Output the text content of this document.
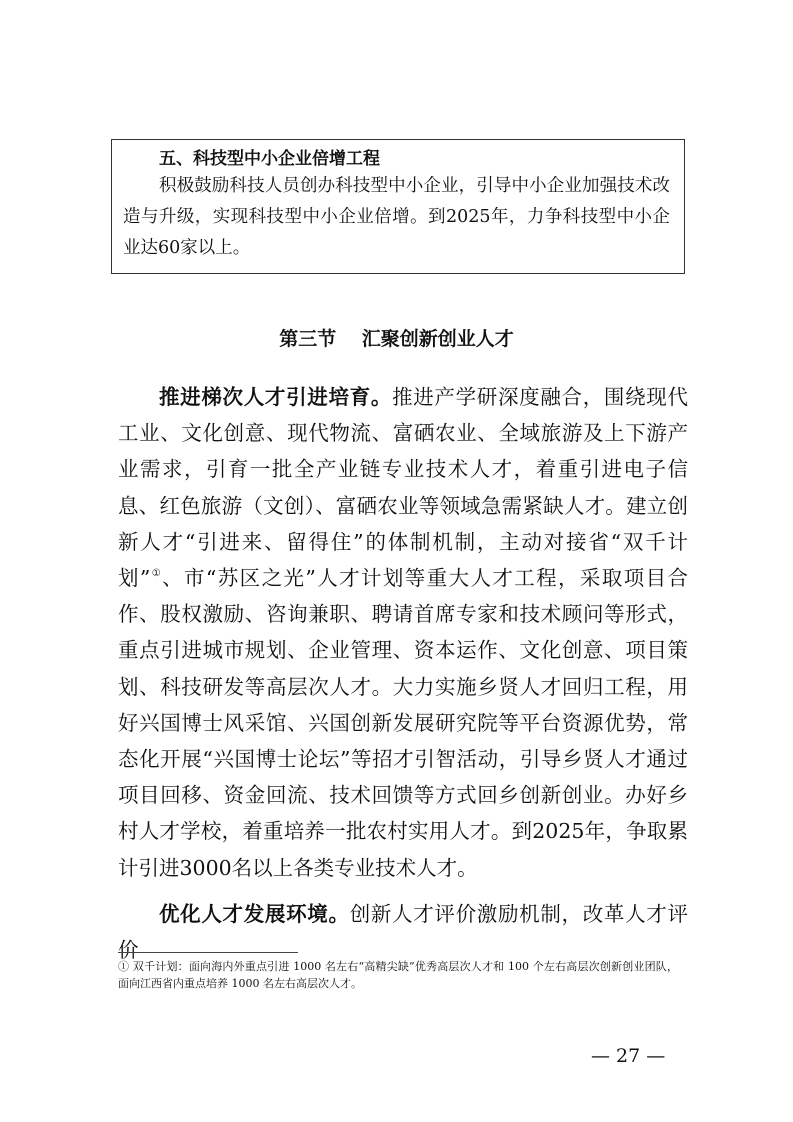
五、科技型中小企业倍增工程

积极鼓励科技人员创办科技型中小企业，引导中小企业加强技术改造与升级，实现科技型中小企业倍增。到2025年，力争科技型中小企业达60家以上。

第三节　 汇聚创新创业人才

推进梯次人才引进培育。推进产学研深度融合，围绕现代工业、文化创意、现代物流、富硒农业、全域旅游及上下游产业需求，引育一批全产业链专业技术人才，着重引进电子信息、红色旅游（文创）、富硒农业等领域急需紧缺人才。建立创新人才“引进来、留得住”的体制机制，主动对接省“双千计划”①、市“苏区之光”人才计划等重大人才工程，采取项目合作、股权激励、咨询兼职、聘请首席专家和技术顾问等形式，重点引进城市规划、企业管理、资本运作、文化创意、项目策划、科技研发等高层次人才。大力实施乡贤人才回归工程，用好兴国博士风采馆、兴国创新发展研究院等平台资源优势，常态化开展“兴国博士论坛”等招才引智活动，引导乡贤人才通过项目回移、资金回流、技术回馈等方式回乡创新创业。办好乡村人才学校，着重培养一批农村实用人才。到2025年，争取累计引进3000名以上各类专业技术人才。

优化人才发展环境。创新人才评价激励机制，改革人才评价

① 双千计划：面向海内外重点引进 1000 名左右“高精尖缺”优秀高层次人才和 100 个左右高层次创新创业团队，面向江西省内重点培养 1000 名左右高层次人才。

— 27 —
